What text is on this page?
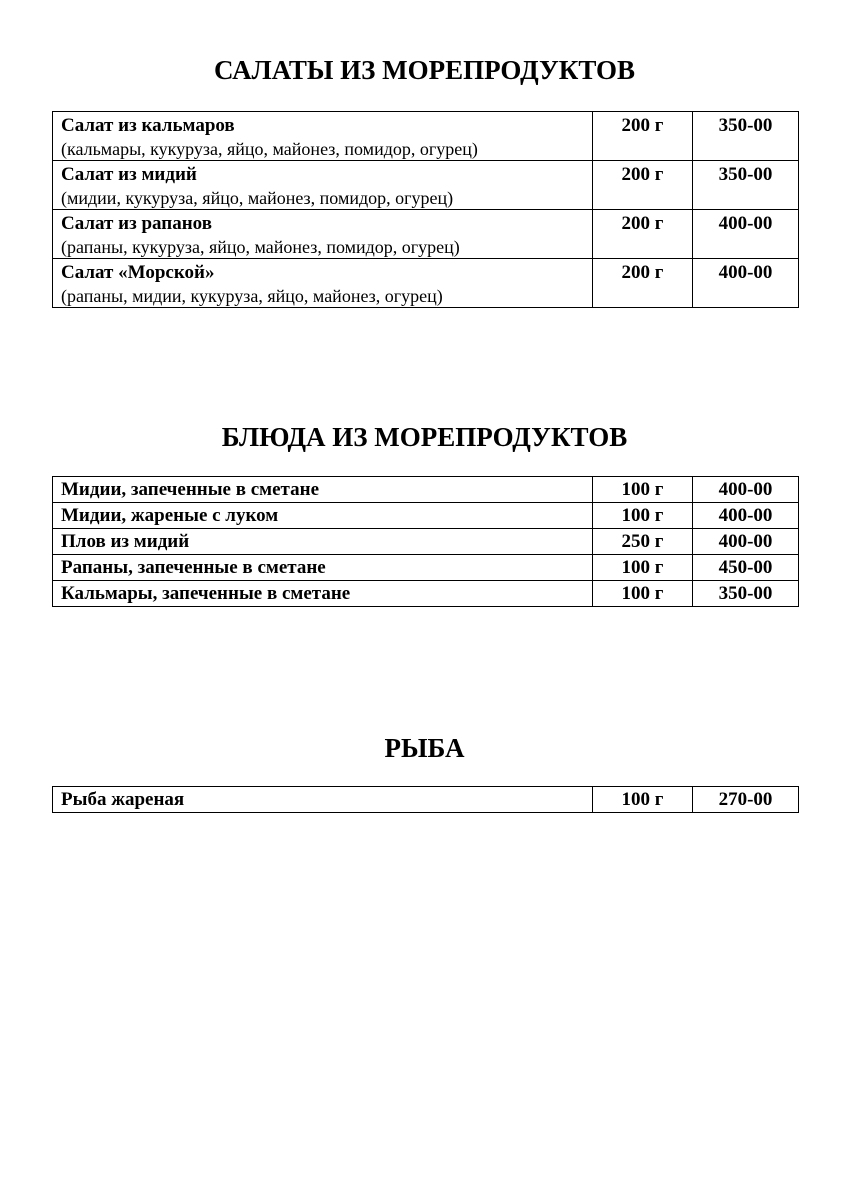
САЛАТЫ ИЗ МОРЕПРОДУКТОВ
Салат из кальмаров
(кальмары, кукуруза, яйцо, майонез, помидор, огурец)	200 г	350-00

Салат из мидий
(мидии, кукуруза, яйцо, майонез, помидор, огурец)	200 г	350-00

Салат из рапанов
(рапаны, кукуруза, яйцо, майонез, помидор, огурец)	200 г	400-00

Салат «Морской»
(рапаны, мидии, кукуруза, яйцо, майонез, огурец)	200 г	400-00
БЛЮДА ИЗ МОРЕПРОДУКТОВ
Мидии, запеченные в сметане	100 г	400-00

Мидии, жареные с луком	100 г	400-00

Плов из мидий	250 г	400-00

Рапаны, запеченные в сметане	100 г	450-00

Кальмары, запеченные в сметане	100 г	350-00
РЫБА
Рыба жареная	100 г	270-00
